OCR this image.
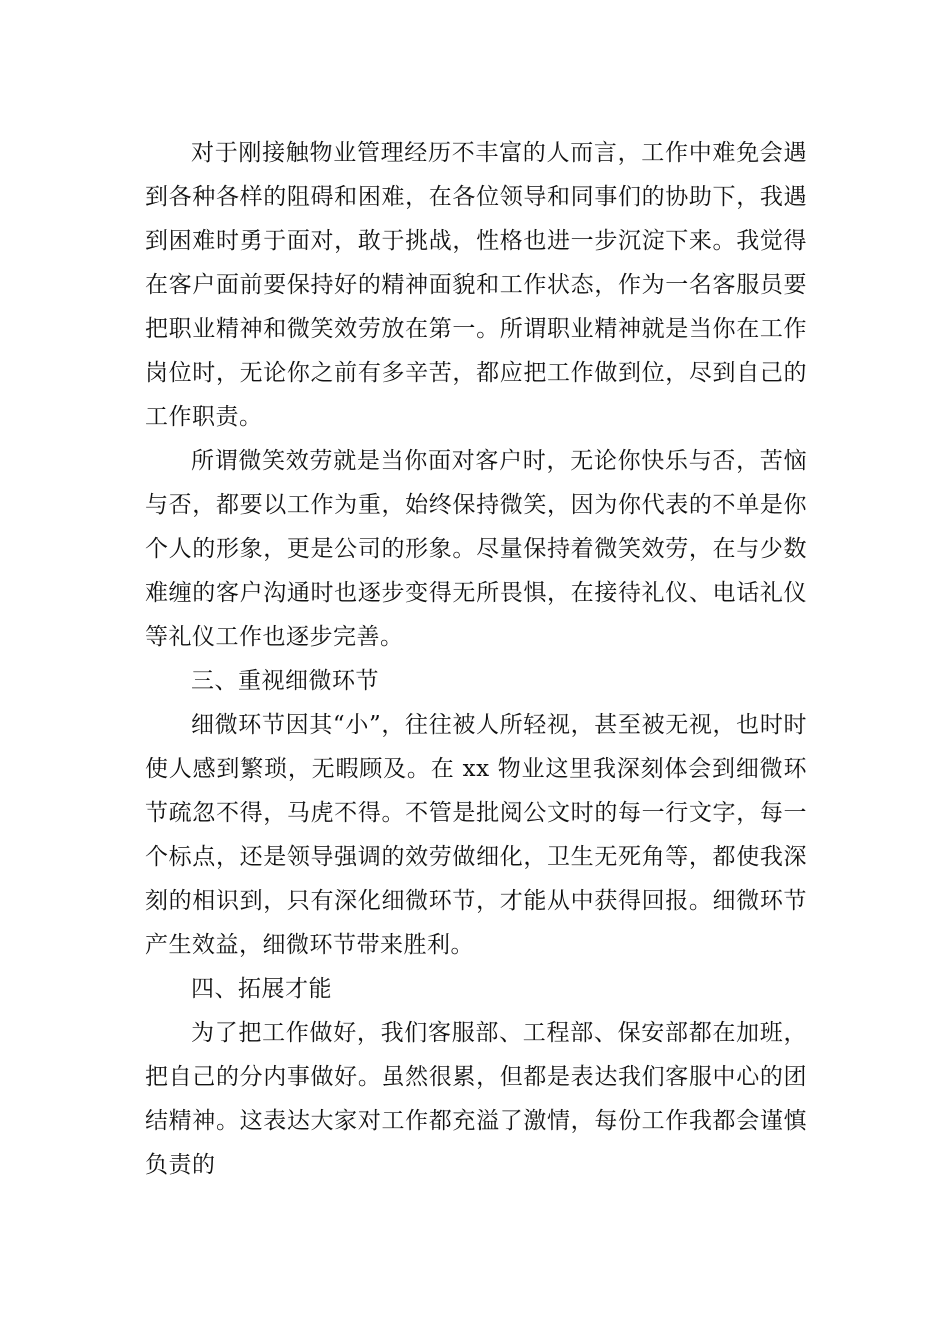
对于刚接触物业管理经历不丰富的人而言，工作中难免会遇到各种各样的阻碍和困难，在各位领导和同事们的协助下，我遇到困难时勇于面对，敢于挑战，性格也进一步沉淀下来。我觉得在客户面前要保持好的精神面貌和工作状态，作为一名客服员要把职业精神和微笑效劳放在第一。所谓职业精神就是当你在工作岗位时，无论你之前有多辛苦，都应把工作做到位，尽到自己的工作职责。

所谓微笑效劳就是当你面对客户时，无论你快乐与否，苦恼与否，都要以工作为重，始终保持微笑，因为你代表的不单是你个人的形象，更是公司的形象。尽量保持着微笑效劳，在与少数难缠的客户沟通时也逐步变得无所畏惧，在接待礼仪、电话礼仪等礼仪工作也逐步完善。

三、重视细微环节

细微环节因其“小”，往往被人所轻视，甚至被无视，也时时使人感到繁琐，无暇顾及。在 xx 物业这里我深刻体会到细微环节疏忽不得，马虎不得。不管是批阅公文时的每一行文字，每一个标点，还是领导强调的效劳做细化，卫生无死角等，都使我深刻的相识到，只有深化细微环节，才能从中获得回报。细微环节产生效益，细微环节带来胜利。

四、拓展才能

为了把工作做好，我们客服部、工程部、保安部都在加班，把自己的分内事做好。虽然很累，但都是表达我们客服中心的团结精神。这表达大家对工作都充溢了激情，每份工作我都会谨慎负责的
